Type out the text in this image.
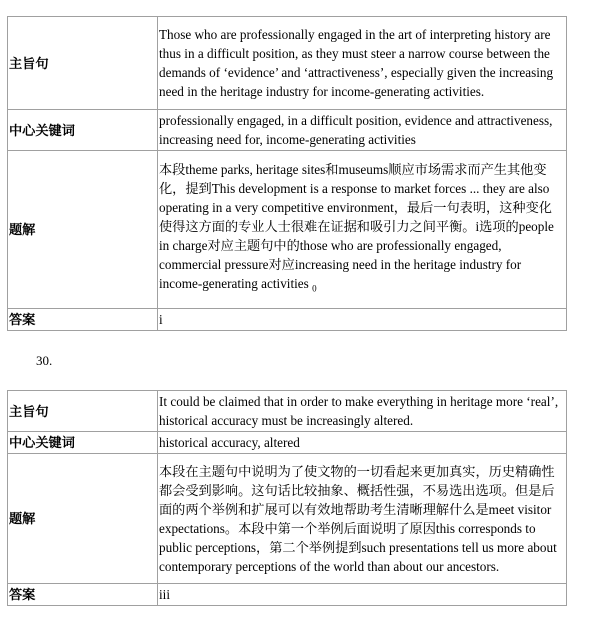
主旨句	Those who are professionally engaged in the art of interpreting history are thus in a difficult position, as they must steer a narrow course between the demands of ‘evidence’ and ‘attractiveness’, especially given the increasing need in the heritage industry for income-generating activities.
中心关键词	professionally engaged, in a difficult position, evidence and attractiveness, increasing need for, income-generating activities
题解	本段theme parks, heritage sites和museums顺应市场需求而产生其他变化，提到This development is a response to market forces ... they are also operating in a very competitive environment，最后一句表明，这种变化使得这方面的专业人士很难在证据和吸引力之间平衡。i选项的people in charge对应主题句中的those who are professionally engaged, commercial pressure对应increasing need in the heritage industry for income-generating activities $_0$
答案	i
30.
主旨句	It could be claimed that in order to make everything in heritage more ‘real’, historical accuracy must be increasingly altered.
中心关键词	historical accuracy, altered
题解	本段在主题句中说明为了使文物的一切看起来更加真实，历史精确性都会受到影响。这句话比较抽象、概括性强，不易选出选项。但是后面的两个举例和扩展可以有效地帮助考生清晰理解什么是meet visitor expectations。本段中第一个举例后面说明了原因this corresponds to public perceptions，第二个举例提到such presentations tell us more about contemporary perceptions of the world than about our ancestors.
答案	iii
